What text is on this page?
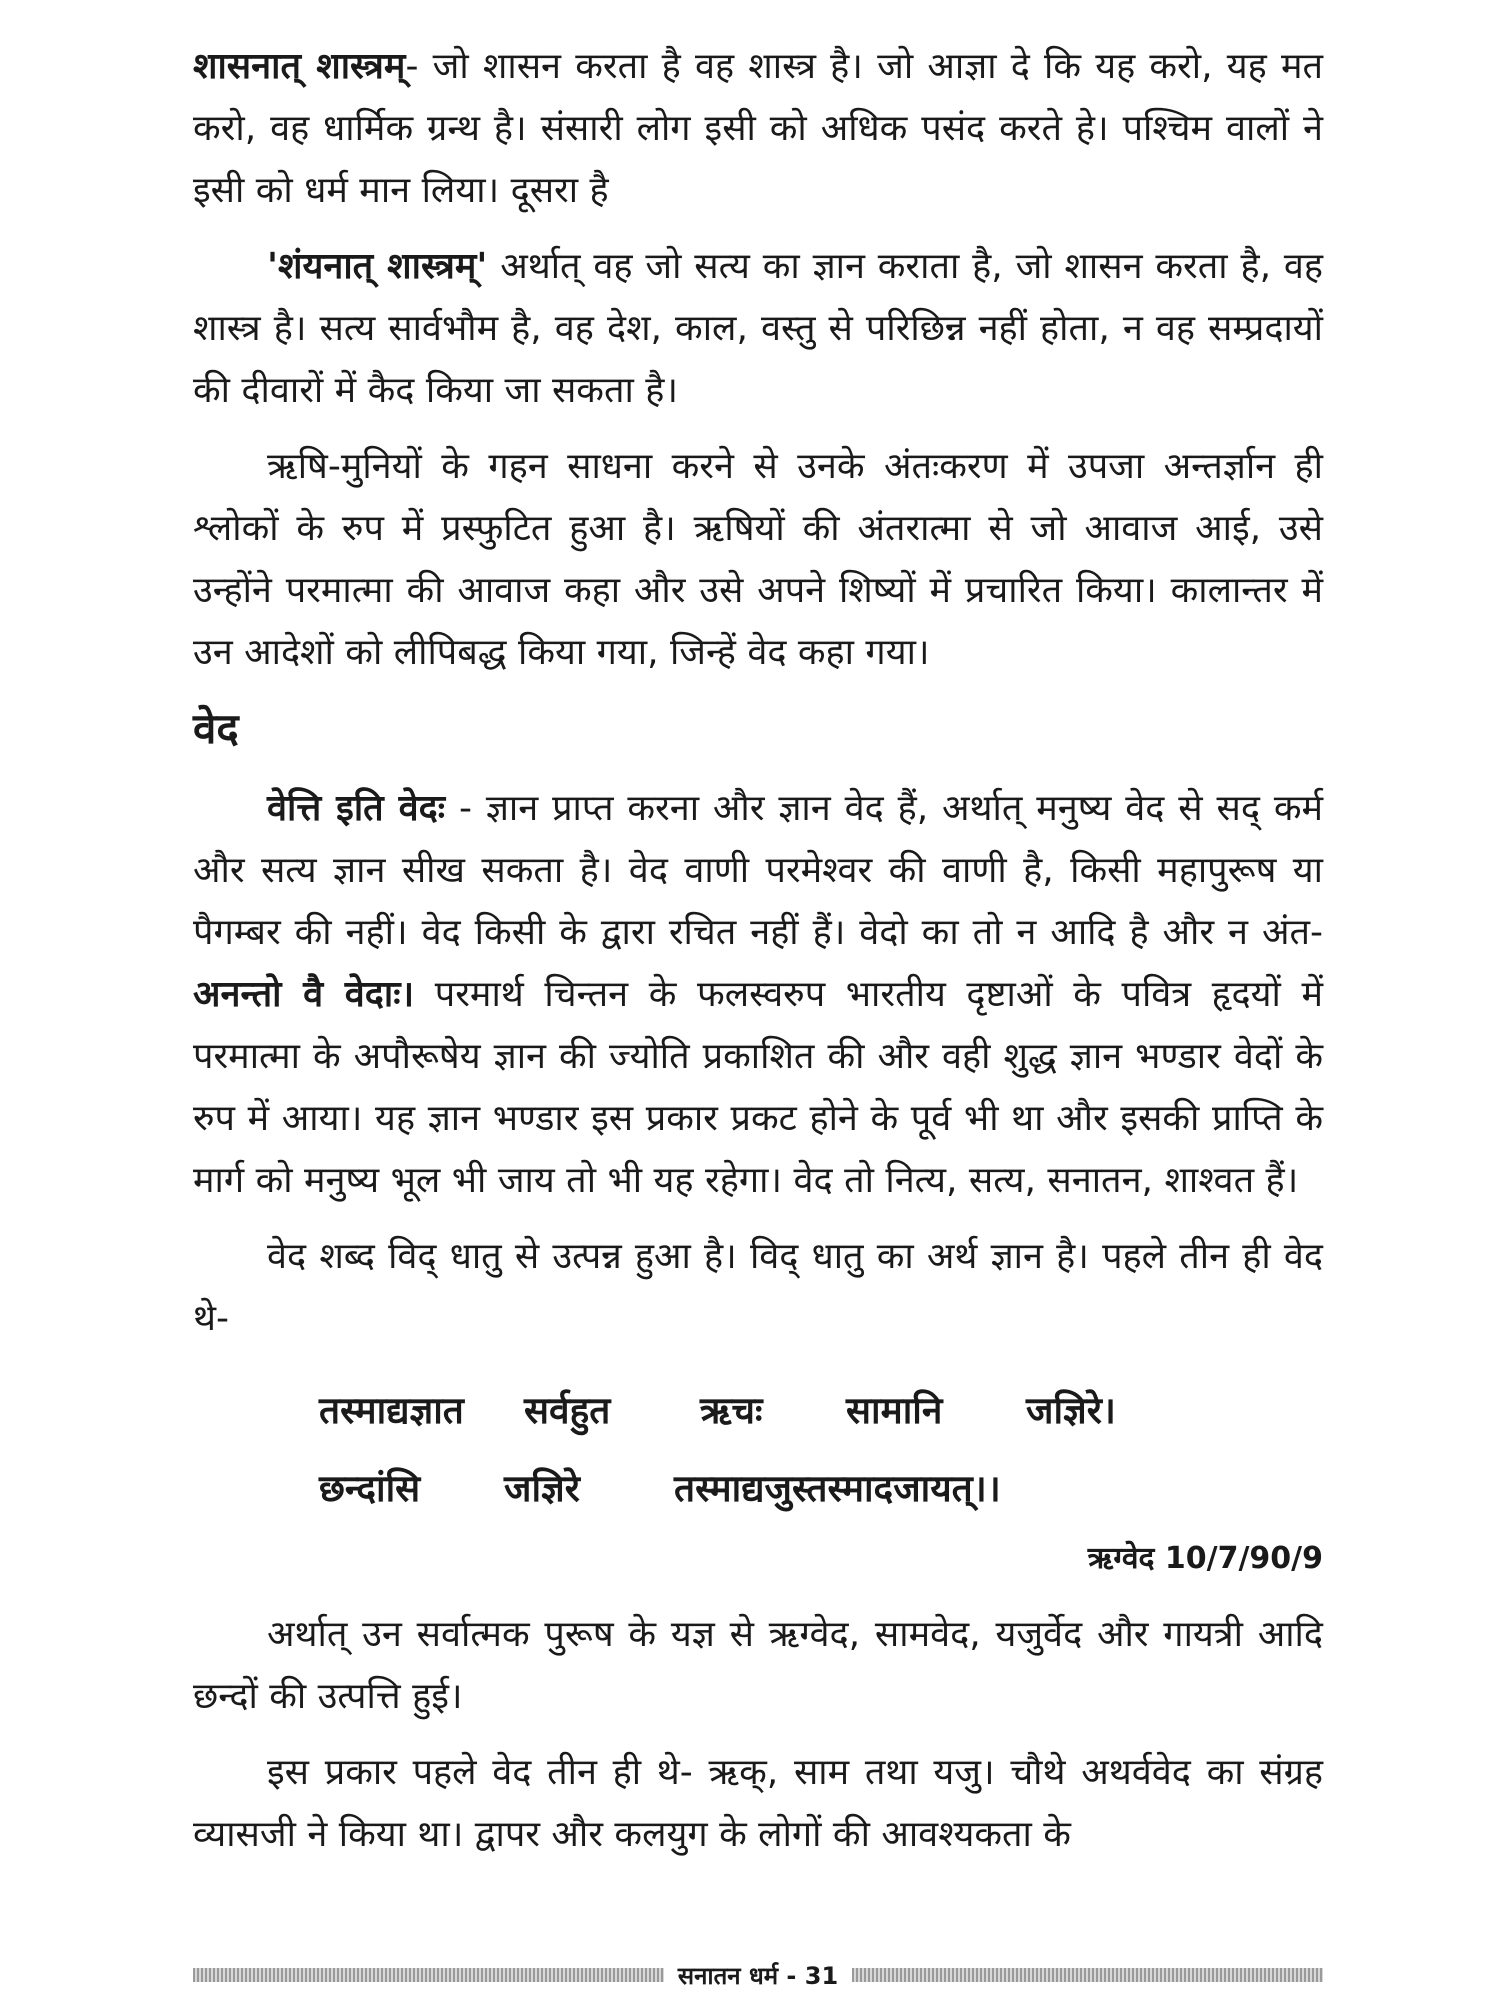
शासनात् शास्त्रम्- जो शासन करता है वह शास्त्र है। जो आज्ञा दे कि यह करो, यह मत करो, वह धार्मिक ग्रन्थ है। संसारी लोग इसी को अधिक पसंद करते हे। पश्चिम वालों ने इसी को धर्म मान लिया। दूसरा है

'शंयनात् शास्त्रम्' अर्थात् वह जो सत्य का ज्ञान कराता है, जो शासन करता है, वह शास्त्र है। सत्य सार्वभौम है, वह देश, काल, वस्तु से परिछिन्न नहीं होता, न वह सम्प्रदायों की दीवारों में कैद किया जा सकता है।

ऋषि-मुनियों के गहन साधना करने से उनके अंतःकरण में उपजा अन्तर्ज्ञान ही श्लोकों के रुप में प्रस्फुटित हुआ है। ऋषियों की अंतरात्मा से जो आवाज आई, उसे उन्होंने परमात्मा की आवाज कहा और उसे अपने शिष्यों में प्रचारित किया। कालान्तर में उन आदेशों को लीपिबद्ध किया गया, जिन्हें वेद कहा गया।

वेद

वेत्ति इति वेदः - ज्ञान प्राप्त करना और ज्ञान वेद हैं, अर्थात् मनुष्य वेद से सद् कर्म और सत्य ज्ञान सीख सकता है। वेद वाणी परमेश्वर की वाणी है, किसी महापुरूष या पैगम्बर की नहीं। वेद किसी के द्वारा रचित नहीं हैं। वेदो का तो न आदि है और न अंत- अनन्तो वै वेदाः। परमार्थ चिन्तन के फलस्वरुप भारतीय दृष्टाओं के पवित्र हृदयों में परमात्मा के अपौरूषेय ज्ञान की ज्योति प्रकाशित की और वही शुद्ध ज्ञान भण्डार वेदों के रुप में आया। यह ज्ञान भण्डार इस प्रकार प्रकट होने के पूर्व भी था और इसकी प्राप्ति के मार्ग को मनुष्य भूल भी जाय तो भी यह रहेगा। वेद तो नित्य, सत्य, सनातन, शाश्वत हैं।

वेद शब्द विद् धातु से उत्पन्न हुआ है। विद् धातु का अर्थ ज्ञान है। पहले तीन ही वेद थे-

तस्माद्यज्ञात	सर्वहुत	ऋचः	सामानि	जज्ञिरे।
छन्दांसि	जज्ञिरे	तस्माद्यजुस्तस्मादजायत्।।
ऋग्वेद 10/7/90/9

अर्थात् उन सर्वात्मक पुरूष के यज्ञ से ऋग्वेद, सामवेद, यजुर्वेद और गायत्री आदि छन्दों की उत्पत्ति हुई।

इस प्रकार पहले वेद तीन ही थे- ऋक्, साम तथा यजु। चौथे अथर्ववेद का संग्रह व्यासजी ने किया था। द्वापर और कलयुग के लोगों की आवश्यकता के

सनातन धर्म - 31
